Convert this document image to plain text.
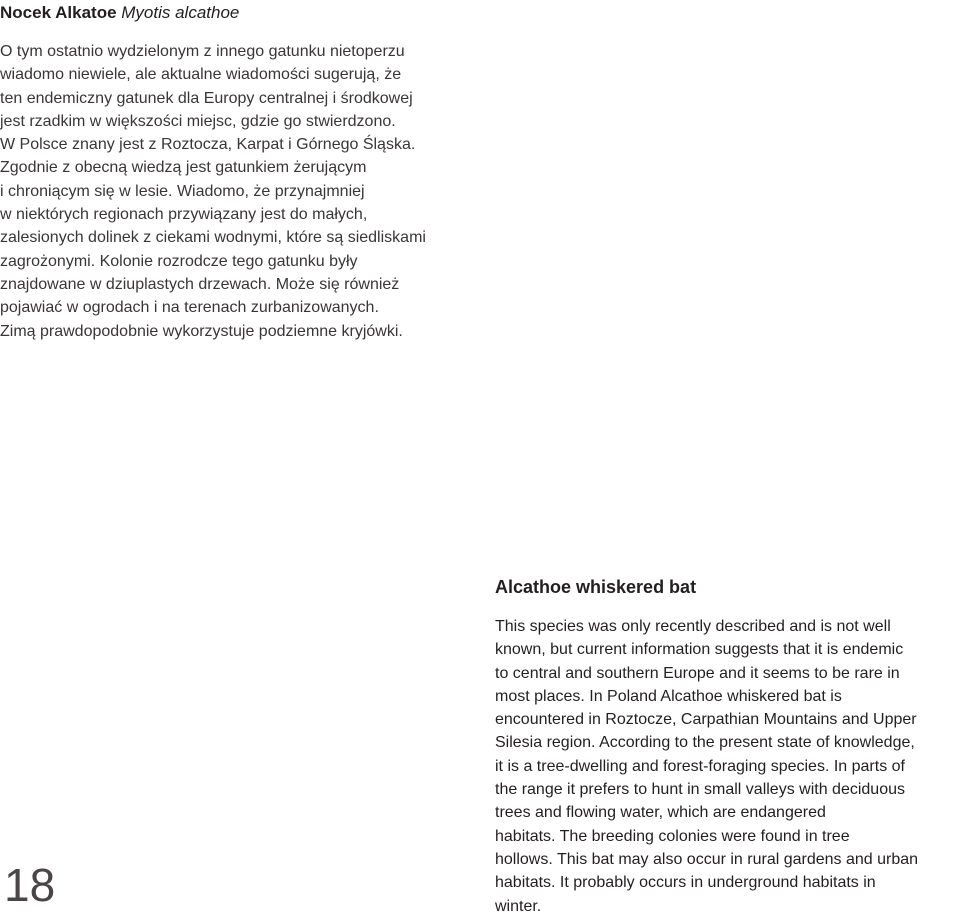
Nocek Alkatoe Myotis alcathoe
O tym ostatnio wydzielonym z innego gatunku nietoperzu
wiadomo niewiele, ale aktualne wiadomości sugerują, że
ten endemiczny gatunek dla Europy centralnej i środkowej
jest rzadkim w większości miejsc, gdzie go stwierdzono.
W Polsce znany jest z Roztocza, Karpat i Górnego Śląska.
Zgodnie z obecną wiedzą jest gatunkiem żerującym
i chroniącym się w lesie. Wiadomo, że przynajmniej
w niektórych regionach przywiązany jest do małych,
zalesionych dolinek z ciekami wodnymi, które są siedliskami
zagrożonymi. Kolonie rozrodcze tego gatunku były
znajdowane w dziuplastych drzewach. Może się również
pojawiać w ogrodach i na terenach zurbanizowanych.
Zimą prawdopodobnie wykorzystuje podziemne kryjówki.
Alcathoe whiskered bat
This species was only recently described and is not well
known, but current information suggests that it is endemic
to central and southern Europe and it seems to be rare in
most places. In Poland Alcathoe whiskered bat is
encountered in Roztocze, Carpathian Mountains and Upper
Silesia region. According to the present state of knowledge,
it is a tree-dwelling and forest-foraging species. In parts of
the range it prefers to hunt in small valleys with deciduous
trees and flowing water, which are endangered
habitats. The breeding colonies were found in tree
hollows. This bat may also occur in rural gardens and urban
habitats. It probably occurs in underground habitats in
winter.
18
